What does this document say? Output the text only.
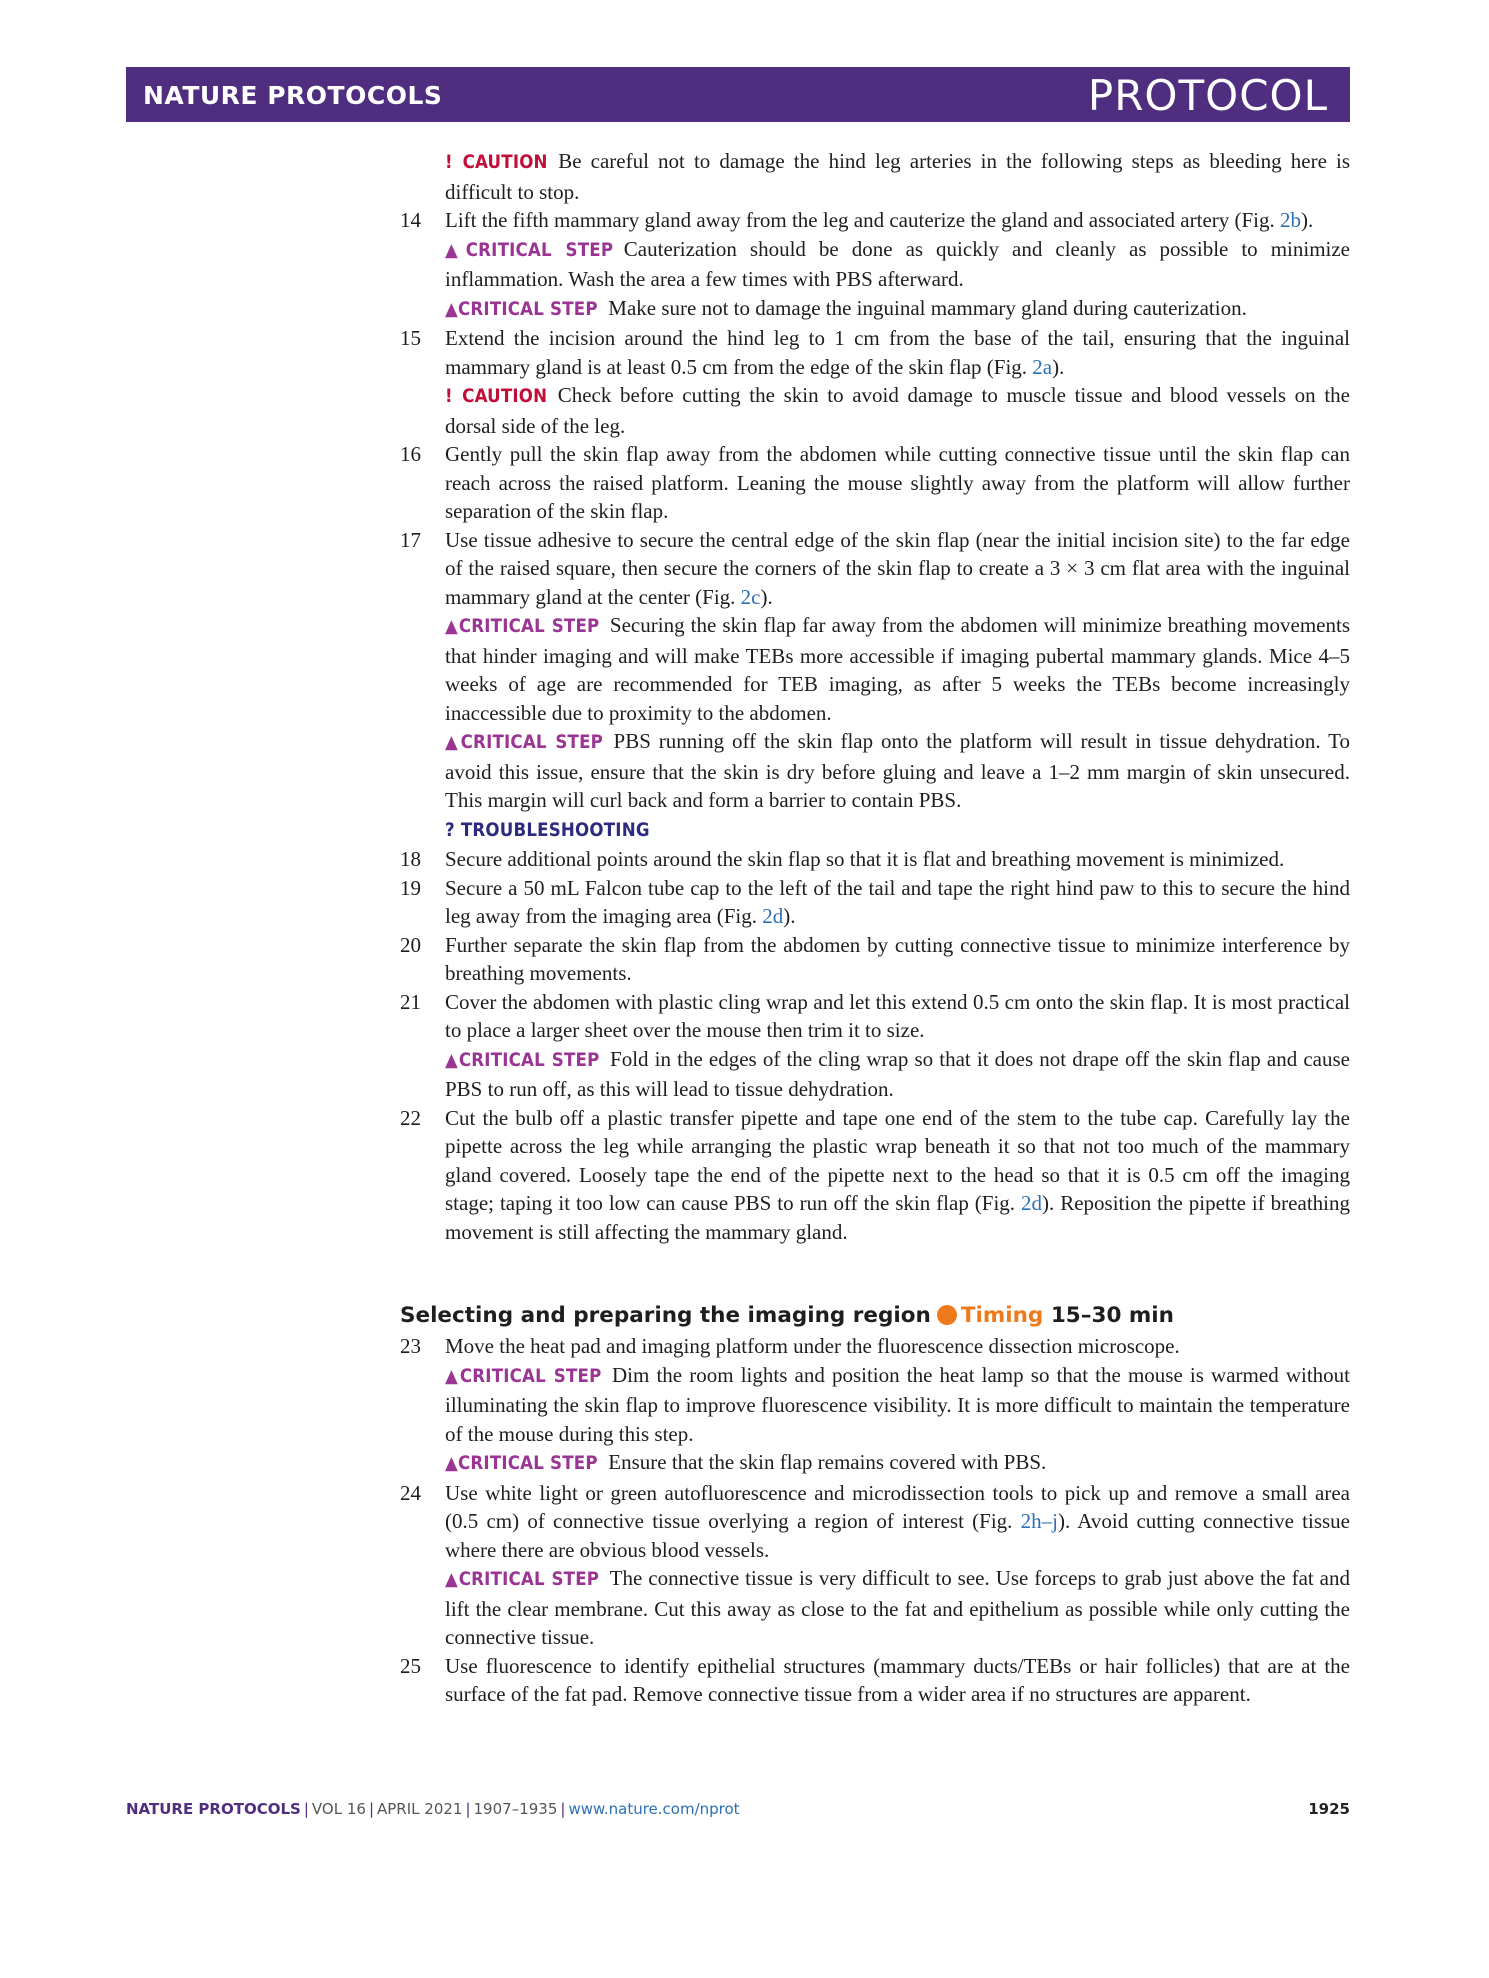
NATURE PROTOCOLS	PROTOCOL
! CAUTION  Be careful not to damage the hind leg arteries in the following steps as bleeding here is difficult to stop.
14 Lift the fifth mammary gland away from the leg and cauterize the gland and associated artery (Fig. 2b).
▲CRITICAL STEP  Cauterization should be done as quickly and cleanly as possible to minimize inflammation. Wash the area a few times with PBS afterward.
▲CRITICAL STEP  Make sure not to damage the inguinal mammary gland during cauterization.
15 Extend the incision around the hind leg to 1 cm from the base of the tail, ensuring that the inguinal mammary gland is at least 0.5 cm from the edge of the skin flap (Fig. 2a).
! CAUTION  Check before cutting the skin to avoid damage to muscle tissue and blood vessels on the dorsal side of the leg.
16 Gently pull the skin flap away from the abdomen while cutting connective tissue until the skin flap can reach across the raised platform. Leaning the mouse slightly away from the platform will allow further separation of the skin flap.
17 Use tissue adhesive to secure the central edge of the skin flap (near the initial incision site) to the far edge of the raised square, then secure the corners of the skin flap to create a 3 × 3 cm flat area with the inguinal mammary gland at the center (Fig. 2c).
▲CRITICAL STEP  Securing the skin flap far away from the abdomen will minimize breathing movements that hinder imaging and will make TEBs more accessible if imaging pubertal mammary glands. Mice 4–5 weeks of age are recommended for TEB imaging, as after 5 weeks the TEBs become increasingly inaccessible due to proximity to the abdomen.
▲CRITICAL STEP  PBS running off the skin flap onto the platform will result in tissue dehydration. To avoid this issue, ensure that the skin is dry before gluing and leave a 1–2 mm margin of skin unsecured. This margin will curl back and form a barrier to contain PBS.
? TROUBLESHOOTING
18 Secure additional points around the skin flap so that it is flat and breathing movement is minimized.
19 Secure a 50 mL Falcon tube cap to the left of the tail and tape the right hind paw to this to secure the hind leg away from the imaging area (Fig. 2d).
20 Further separate the skin flap from the abdomen by cutting connective tissue to minimize interference by breathing movements.
21 Cover the abdomen with plastic cling wrap and let this extend 0.5 cm onto the skin flap. It is most practical to place a larger sheet over the mouse then trim it to size.
▲CRITICAL STEP  Fold in the edges of the cling wrap so that it does not drape off the skin flap and cause PBS to run off, as this will lead to tissue dehydration.
22 Cut the bulb off a plastic transfer pipette and tape one end of the stem to the tube cap. Carefully lay the pipette across the leg while arranging the plastic wrap beneath it so that not too much of the mammary gland covered. Loosely tape the end of the pipette next to the head so that it is 0.5 cm off the imaging stage; taping it too low can cause PBS to run off the skin flap (Fig. 2d). Reposition the pipette if breathing movement is still affecting the mammary gland.
Selecting and preparing the imaging region Timing 15–30 min
23 Move the heat pad and imaging platform under the fluorescence dissection microscope.
▲CRITICAL STEP  Dim the room lights and position the heat lamp so that the mouse is warmed without illuminating the skin flap to improve fluorescence visibility. It is more difficult to maintain the temperature of the mouse during this step.
▲CRITICAL STEP  Ensure that the skin flap remains covered with PBS.
24 Use white light or green autofluorescence and microdissection tools to pick up and remove a small area (0.5 cm) of connective tissue overlying a region of interest (Fig. 2h–j). Avoid cutting connective tissue where there are obvious blood vessels.
▲CRITICAL STEP  The connective tissue is very difficult to see. Use forceps to grab just above the fat and lift the clear membrane. Cut this away as close to the fat and epithelium as possible while only cutting the connective tissue.
25 Use fluorescence to identify epithelial structures (mammary ducts/TEBs or hair follicles) that are at the surface of the fat pad. Remove connective tissue from a wider area if no structures are apparent.
NATURE PROTOCOLS | VOL 16 | APRIL 2021 | 1907–1935 | www.nature.com/nprot	1925
